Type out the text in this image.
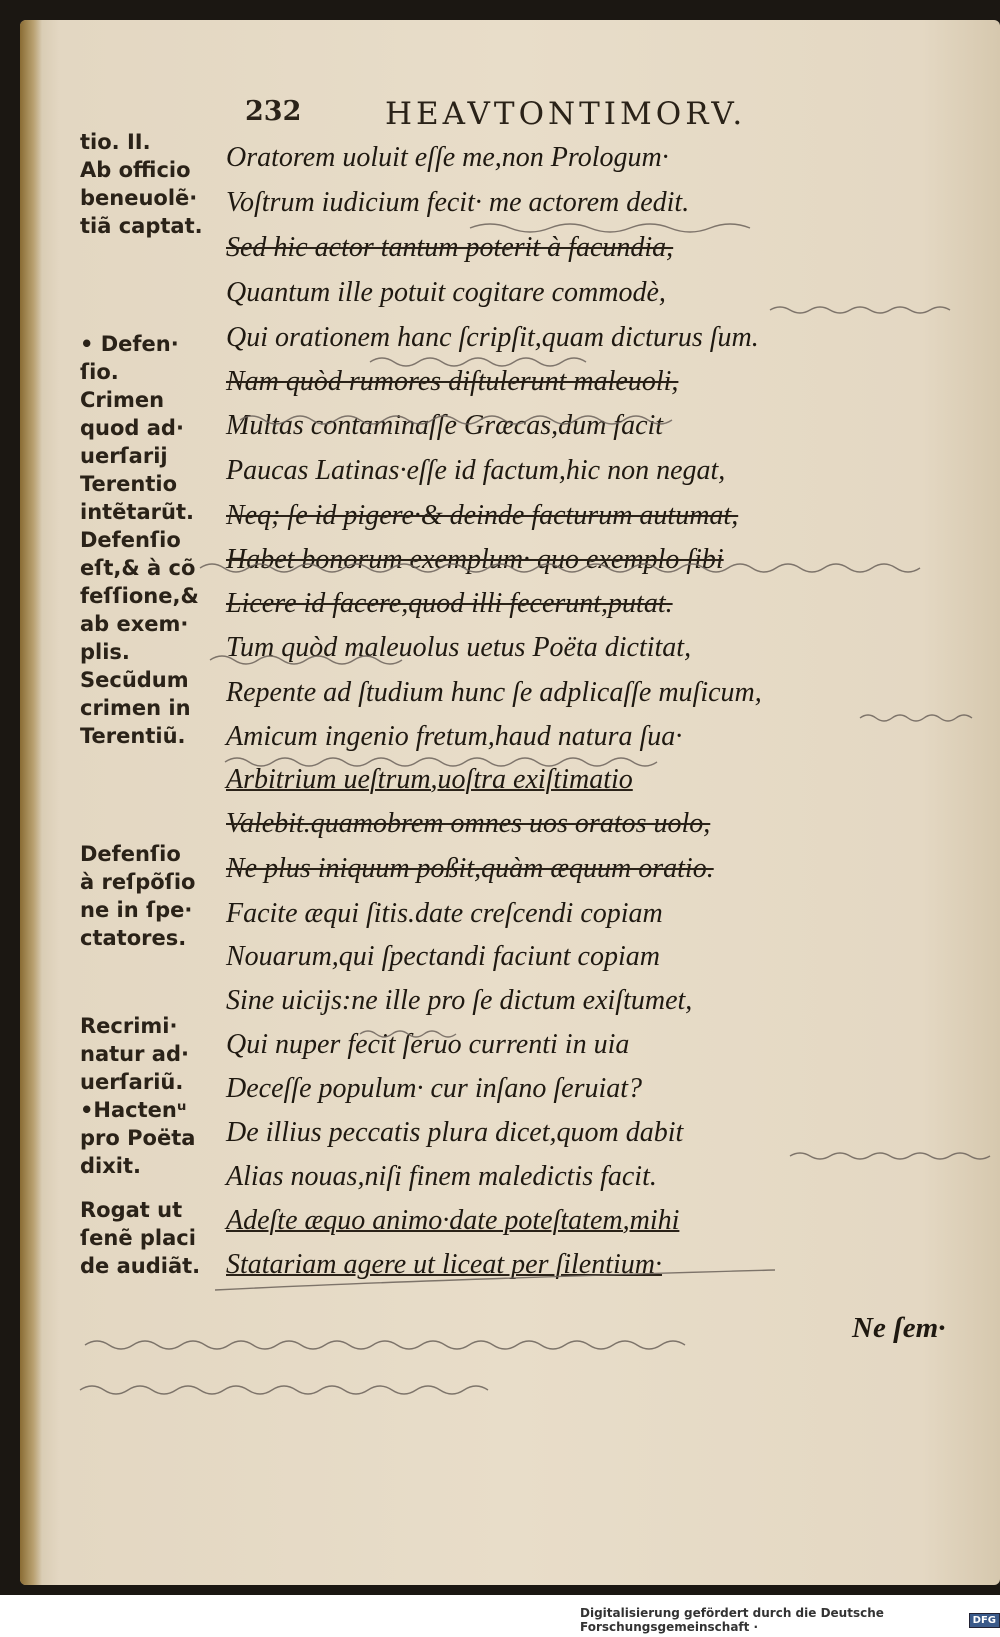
232	HEAVTONTIMORV.
tio. II.
Ab officio
beneuolẽ·
tiã captat.
• Defen·
ſio.
Crimen
quod ad·
uerſarij
Terentio
intẽtarũt.
Defenſio
eſt,& à cõ
feſſione,&
ab exem·
plis.
Secũdum
crimen in
Terentiũ.
Defenſio
à reſpõſio
ne in ſpe·
ctatores.
Recrimi·
natur ad·
uerſariũ.
•Hactenᵘ
pro Poëta
dixit.
Rogat ut
ſenẽ placi
de audiãt.
Oratorem uoluit eſſe me,non Prologum·
Voſtrum iudicium fecit· me actorem dedit.
Sed hic actor tantum poterit à facundia,
Quantum ille potuit cogitare commodè,
Qui orationem hanc ſcripſit,quam dicturus ſum.
Nam quòd rumores diſtulerunt maleuoli,
Multas contaminaſſe Græcas,dum facit
Paucas Latinas·eſſe id factum,hic non negat,
Neq; ſe id pigere·& deinde facturum autumat,
Habet bonorum exemplum· quo exemplo ſibi
Licere id facere,quod illi fecerunt,putat.
Tum quòd maleuolus uetus Poëta dictitat,
Repente ad ſtudium hunc ſe adplicaſſe muſicum,
Amicum ingenio fretum,haud natura ſua·
Arbitrium ueſtrum,uoſtra exiſtimatio
Valebit.quamobrem omnes uos oratos uolo,
Ne plus iniquum poßit,quàm æquum oratio.
Facite æqui ſitis.date creſcendi copiam
Nouarum,qui ſpectandi faciunt copiam
Sine uicijs:ne ille pro ſe dictum exiſtumet,
Qui nuper fecit ſeruo currenti in uia
Deceſſe populum· cur inſano ſeruiat?
De illius peccatis plura dicet,quom dabit
Alias nouas,niſi finem maledictis facit.
Adeſte æquo animo·date poteſtatem,mihi
Statariam agere ut liceat per ſilentium·
Ne ſem·
Digitalisierung gefördert durch die Deutsche Forschungsgemeinschaft ·	DFG
